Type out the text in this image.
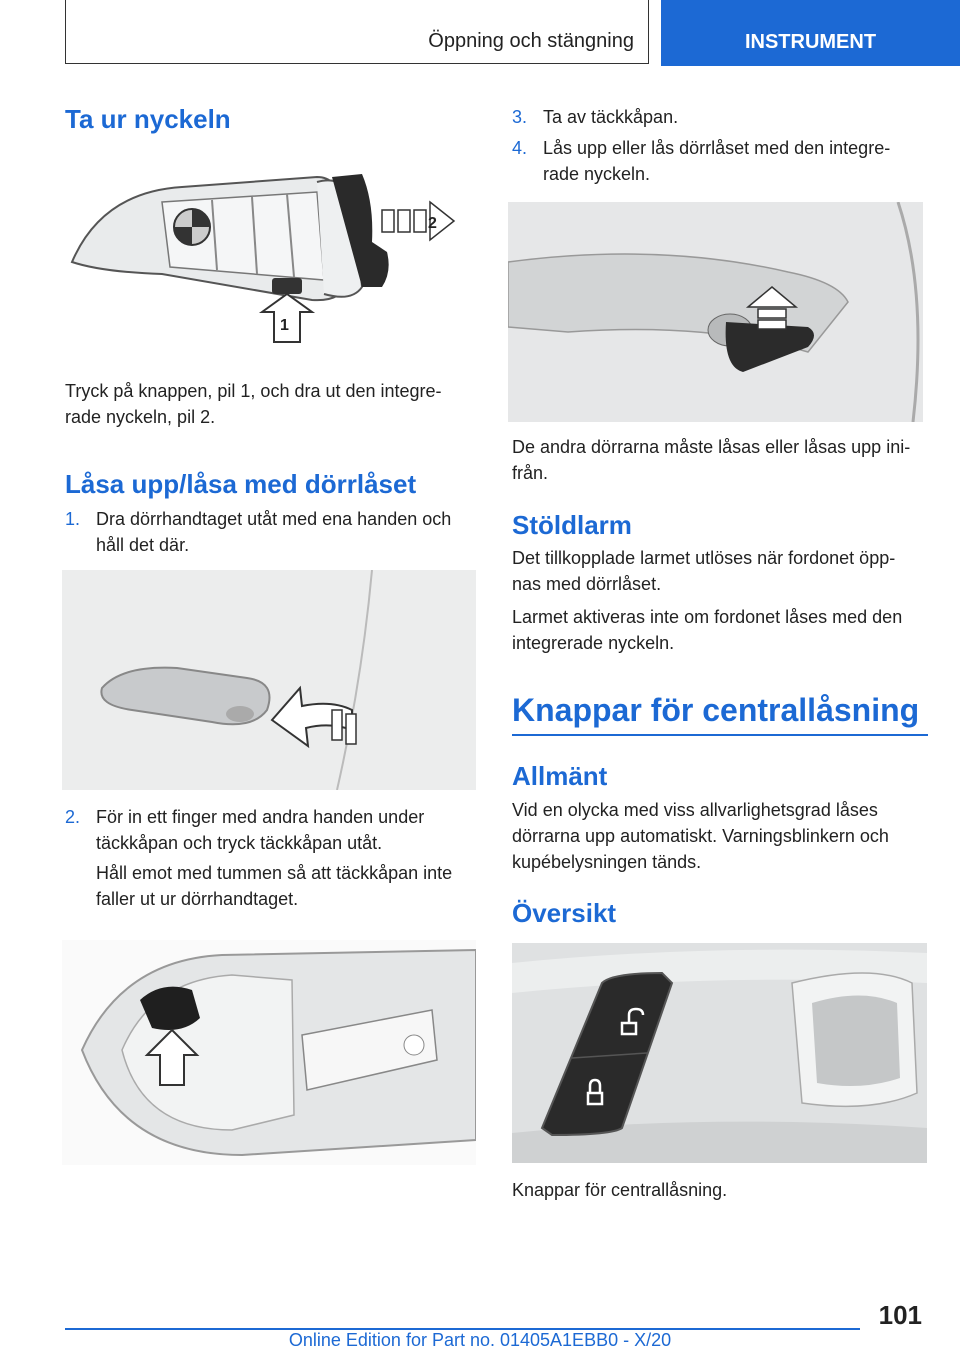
Öppning och stängning	INSTRUMENT
Ta ur nyckeln
2
1

Tryck på knappen, pil 1, och dra ut den integre-
rade nyckeln, pil 2.

Låsa upp/låsa med dörrlåset
1. Dra dörrhandtaget utåt med ena handen och
håll det där.
2. För in ett finger med andra handen under
täckkåpan och tryck täckkåpan utåt.

Håll emot med tummen så att täckkåpan inte
faller ut ur dörrhandtaget.

3. Ta av täckkåpan.
4. Lås upp eller lås dörrlåset med den integre-
rade nyckeln.

De andra dörrarna måste låsas eller låsas upp ini-
från.

Stöldlarm

Det tillkopplade larmet utlöses när fordonet öpp-
nas med dörrlåset.

Larmet aktiveras inte om fordonet låses med den
integrerade nyckeln.

Knappar för centrallåsning
Allmänt

Vid en olycka med viss allvarlighetsgrad låses
dörrarna upp automatiskt. Varningsblinkern och
kupébelysningen tänds.

Översikt

Knappar för centrallåsning.

101
Online Edition for Part no. 01405A1EBB0 - X/20
